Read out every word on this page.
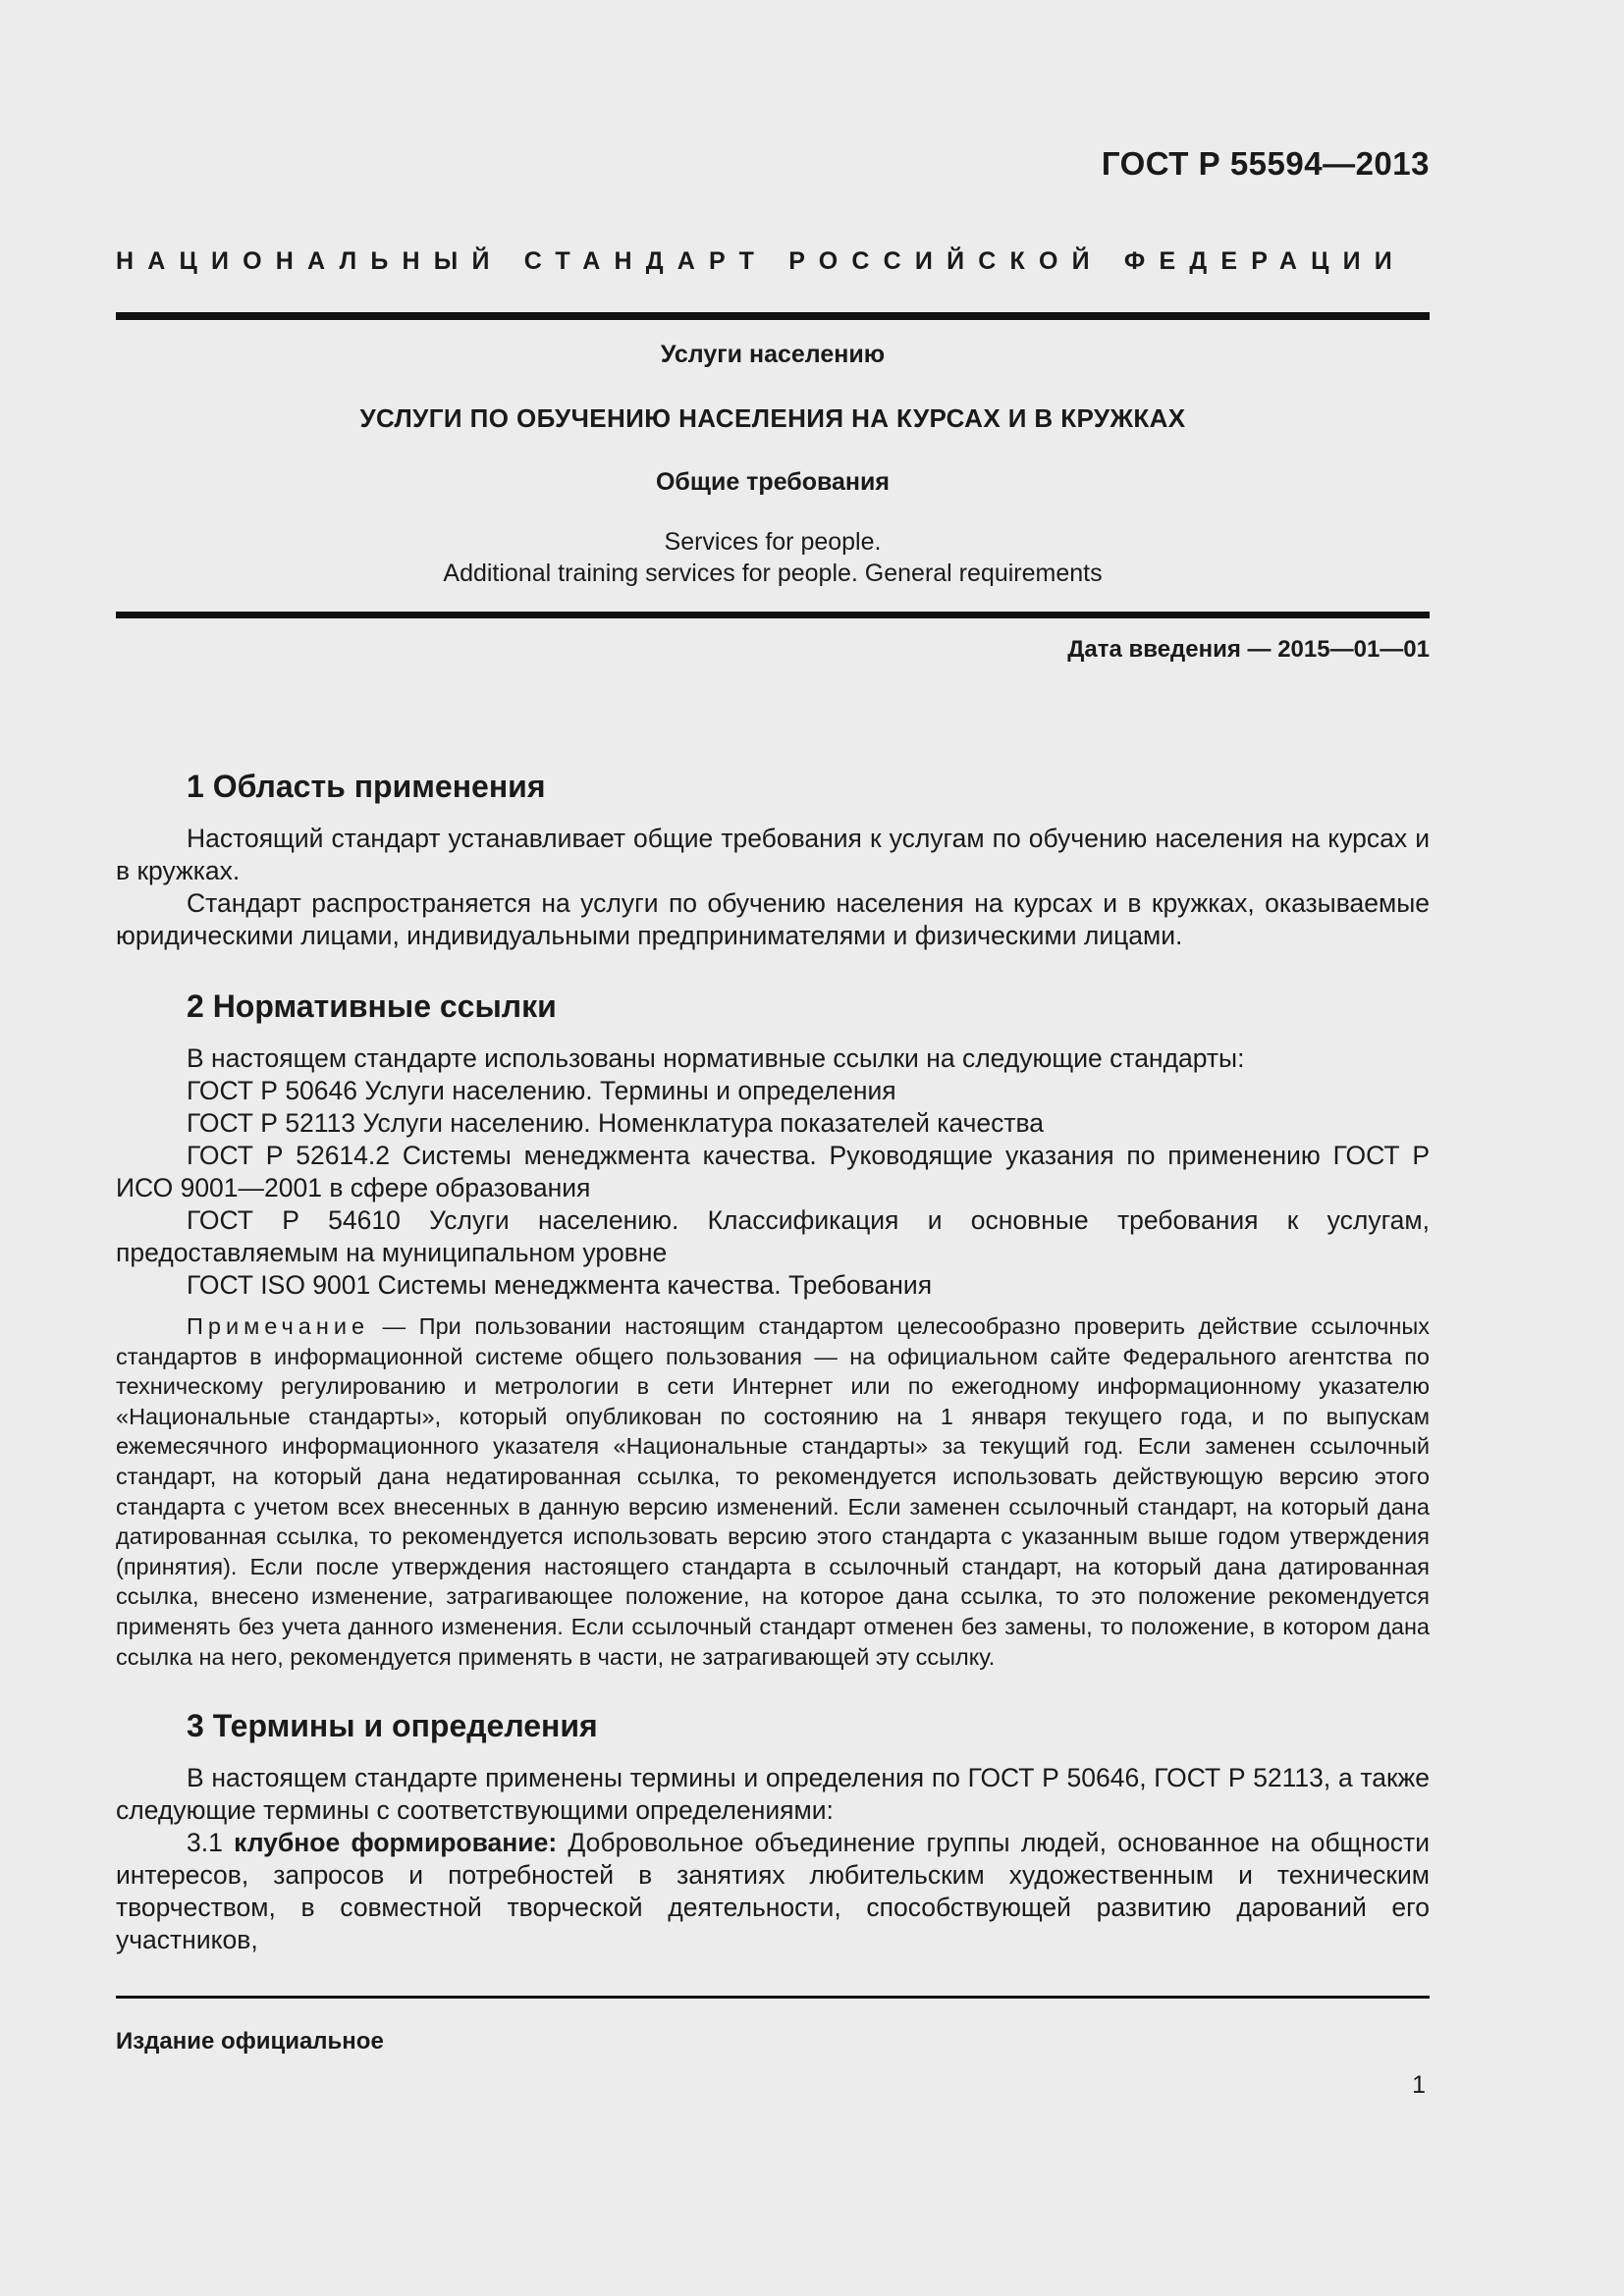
ГОСТ Р 55594—2013
НАЦИОНАЛЬНЫЙ СТАНДАРТ РОССИЙСКОЙ ФЕДЕРАЦИИ
Услуги населению
УСЛУГИ ПО ОБУЧЕНИЮ НАСЕЛЕНИЯ НА КУРСАХ И В КРУЖКАХ
Общие требования
Services for people.
Additional training services for people. General requirements
Дата введения — 2015—01—01
1 Область применения

Настоящий стандарт устанавливает общие требования к услугам по обучению населения на курсах и в кружках.

Стандарт распространяется на услуги по обучению населения на курсах и в кружках, оказываемые юридическими лицами, индивидуальными предпринимателями и физическими лицами.

2 Нормативные ссылки

В настоящем стандарте использованы нормативные ссылки на следующие стандарты:

ГОСТ Р 50646 Услуги населению. Термины и определения

ГОСТ Р 52113 Услуги населению. Номенклатура показателей качества

ГОСТ Р 52614.2 Системы менеджмента качества. Руководящие указания по применению ГОСТ Р ИСО 9001—2001 в сфере образования

ГОСТ Р 54610 Услуги населению. Классификация и основные требования к услугам, предоставляемым на муниципальном уровне

ГОСТ ISO 9001 Системы менеджмента качества. Требования

Примечание — При пользовании настоящим стандартом целесообразно проверить действие ссылочных стандартов в информационной системе общего пользования — на официальном сайте Федерального агентства по техническому регулированию и метрологии в сети Интернет или по ежегодному информационному указателю «Национальные стандарты», который опубликован по состоянию на 1 января текущего года, и по выпускам ежемесячного информационного указателя «Национальные стандарты» за текущий год. Если заменен ссылочный стандарт, на который дана недатированная ссылка, то рекомендуется использовать действующую версию этого стандарта с учетом всех внесенных в данную версию изменений. Если заменен ссылочный стандарт, на который дана датированная ссылка, то рекомендуется использовать версию этого стандарта с указанным выше годом утверждения (принятия). Если после утверждения настоящего стандарта в ссылочный стандарт, на который дана датированная ссылка, внесено изменение, затрагивающее положение, на которое дана ссылка, то это положение рекомендуется применять без учета данного изменения. Если ссылочный стандарт отменен без замены, то положение, в котором дана ссылка на него, рекомендуется применять в части, не затрагивающей эту ссылку.

3 Термины и определения

В настоящем стандарте применены термины и определения по ГОСТ Р 50646, ГОСТ Р 52113, а также следующие термины с соответствующими определениями:

3.1 клубное формирование: Добровольное объединение группы людей, основанное на общности интересов, запросов и потребностей в занятиях любительским художественным и техническим творчеством, в совместной творческой деятельности, способствующей развитию дарований его участников,

Издание официальное
1
